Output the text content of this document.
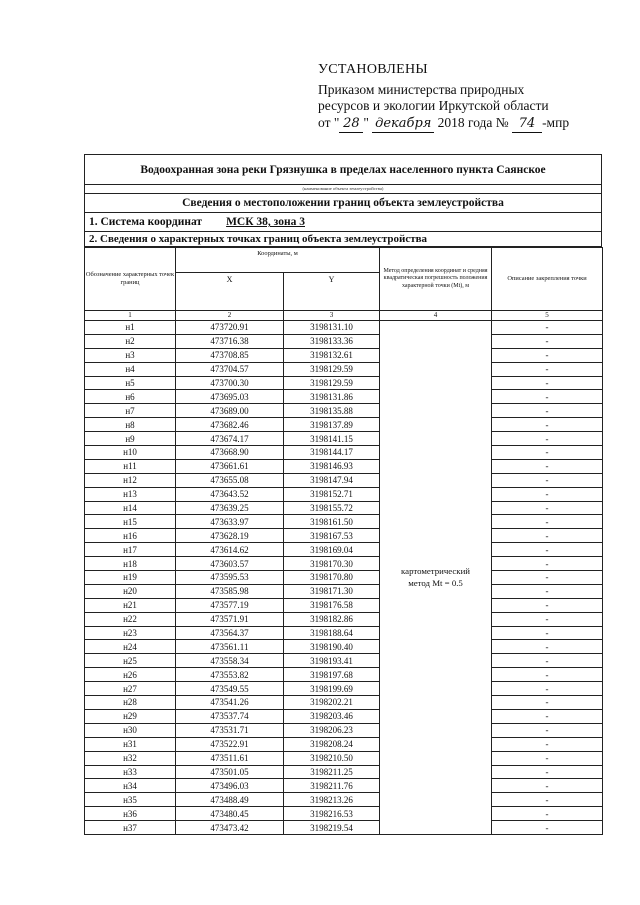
УСТАНОВЛЕНЫ
Приказом министерства природных
ресурсов и экологии Иркутской области
от " 28 " декабря 2018 года № 74 -мпр
Водоохранная зона реки Грязнушка в пределах населенного пункта Саянское
(наименование объекта землеустройства)
Сведения о местоположении границ объекта землеустройства
1. Система координат МСК 38, зона 3
2. Сведения о характерных точках границ объекта землеустройства
Обозначение характерных точек границ	Координаты, м		Метод определения координат и средняя квадратическая погрешность положения характерной точки (Mt), м	Описание закрепления точки
	X	Y		
1	2	3	4	5
н1	473720.91	3198131.10	картометрический метод Mt = 0.5	-
н2	473716.38	3198133.36		-
н3	473708.85	3198132.61		-
н4	473704.57	3198129.59		-
н5	473700.30	3198129.59		-
н6	473695.03	3198131.86		-
н7	473689.00	3198135.88		-
н8	473682.46	3198137.89		-
н9	473674.17	3198141.15		-
н10	473668.90	3198144.17		-
н11	473661.61	3198146.93		-
н12	473655.08	3198147.94		-
н13	473643.52	3198152.71		-
н14	473639.25	3198155.72		-
н15	473633.97	3198161.50		-
н16	473628.19	3198167.53		-
н17	473614.62	3198169.04		-
н18	473603.57	3198170.30		-
н19	473595.53	3198170.80		-
н20	473585.98	3198171.30		-
н21	473577.19	3198176.58		-
н22	473571.91	3198182.86		-
н23	473564.37	3198188.64		-
н24	473561.11	3198190.40		-
н25	473558.34	3198193.41		-
н26	473553.82	3198197.68		-
н27	473549.55	3198199.69		-
н28	473541.26	3198202.21		-
н29	473537.74	3198203.46		-
н30	473531.71	3198206.23		-
н31	473522.91	3198208.24		-
н32	473511.61	3198210.50		-
н33	473501.05	3198211.25		-
н34	473496.03	3198211.76		-
н35	473488.49	3198213.26		-
н36	473480.45	3198216.53		-
н37	473473.42	3198219.54		-
